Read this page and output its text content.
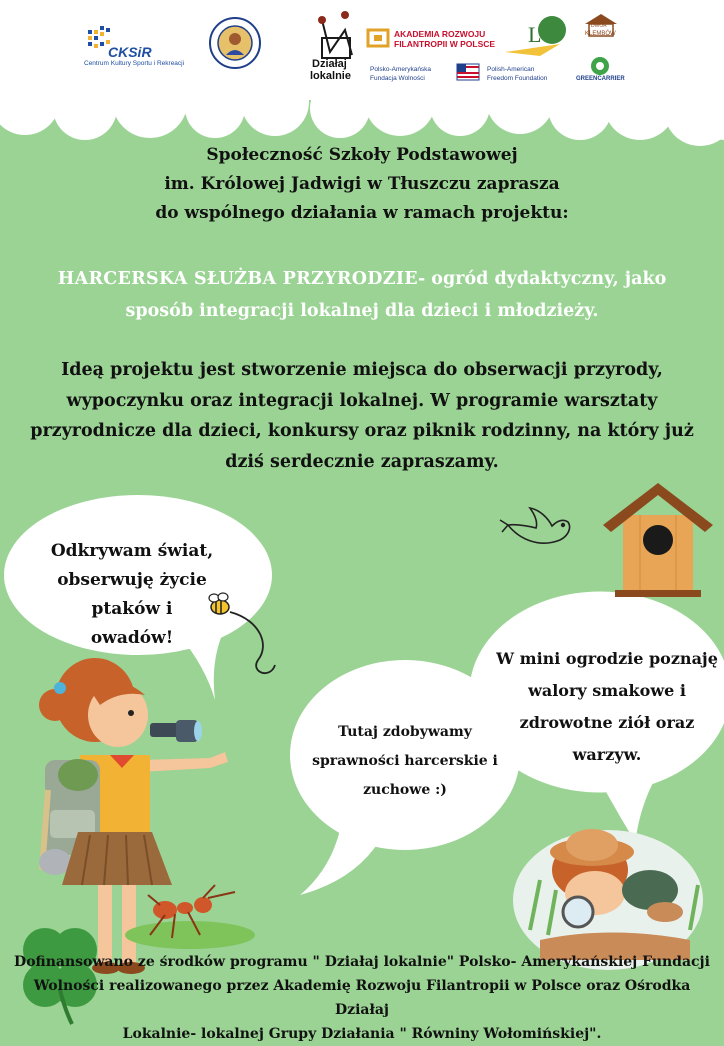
L
CKSiR
Centrum Kultury Sportu i Rekreacji	Działaj
lokalnie
AKADEMIA ROZWOJU
FILANTROPII W POLSCE
Polsko-Amerykańska
Fundacja Wolności
Polish-American
Freedom Foundation
DWÓR
KLEMBÓW
GREENCARRIER
Społeczność Szkoły Podstawowej
im. Królowej Jadwigi w Tłuszczu zaprasza
do wspólnego działania w ramach projektu:
HARCERSKA SŁUŻBA PRZYRODZIE- ogród dydaktyczny, jako
sposób integracji lokalnej dla dzieci i młodzieży.
Ideą projektu jest stworzenie miejsca do obserwacji przyrody,
wypoczynku oraz integracji lokalnej. W programie warsztaty
przyrodnicze dla dzieci, konkursy oraz piknik rodzinny, na który już
dziś serdecznie zapraszamy.
Odkrywam świat,
obserwuję życie ptaków i
owadów!
W mini ogrodzie poznaję
walory smakowe i
zdrowotne ziół oraz
warzyw.
Tutaj zdobywamy
sprawności harcerskie i
zuchowe :)
Dofinansowano ze środków programu " Działaj lokalnie" Polsko- Amerykańskiej Fundacji
Wolności realizowanego przez Akademię Rozwoju Filantropii w Polsce oraz Ośrodka Działaj
Lokalnie- lokalnej Grupy Działania " Równiny Wołomińskiej".
